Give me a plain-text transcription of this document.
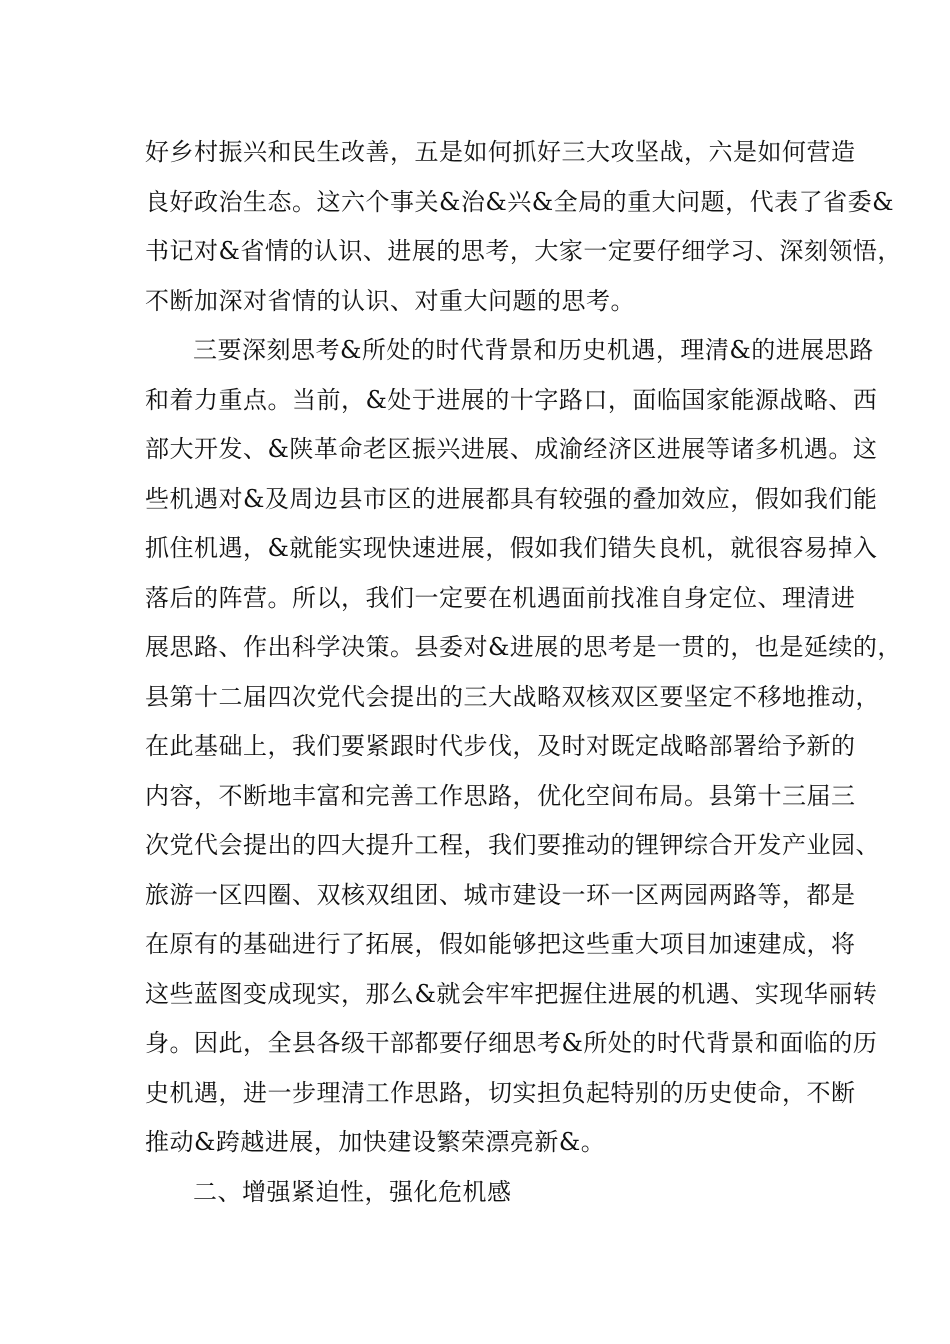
好乡村振兴和民生改善，五是如何抓好三大攻坚战，六是如何营造
良好政治生态。这六个事关&治&兴&全局的重大问题，代表了省委&
书记对&省情的认识、进展的思考，大家一定要仔细学习、深刻领悟，
不断加深对省情的认识、对重大问题的思考。
三要深刻思考&所处的时代背景和历史机遇，理清&的进展思路
和着力重点。当前，&处于进展的十字路口，面临国家能源战略、西
部大开发、&陕革命老区振兴进展、成渝经济区进展等诸多机遇。这
些机遇对&及周边县市区的进展都具有较强的叠加效应，假如我们能
抓住机遇，&就能实现快速进展，假如我们错失良机，就很容易掉入
落后的阵营。所以，我们一定要在机遇面前找准自身定位、理清进
展思路、作出科学决策。县委对&进展的思考是一贯的，也是延续的，
县第十二届四次党代会提出的三大战略双核双区要坚定不移地推动，
在此基础上，我们要紧跟时代步伐，及时对既定战略部署给予新的
内容，不断地丰富和完善工作思路，优化空间布局。县第十三届三
次党代会提出的四大提升工程，我们要推动的锂钾综合开发产业园、
旅游一区四圈、双核双组团、城市建设一环一区两园两路等，都是
在原有的基础进行了拓展，假如能够把这些重大项目加速建成，将
这些蓝图变成现实，那么&就会牢牢把握住进展的机遇、实现华丽转
身。因此，全县各级干部都要仔细思考&所处的时代背景和面临的历
史机遇，进一步理清工作思路，切实担负起特别的历史使命，不断
推动&跨越进展，加快建设繁荣漂亮新&。
二、增强紧迫性，强化危机感
